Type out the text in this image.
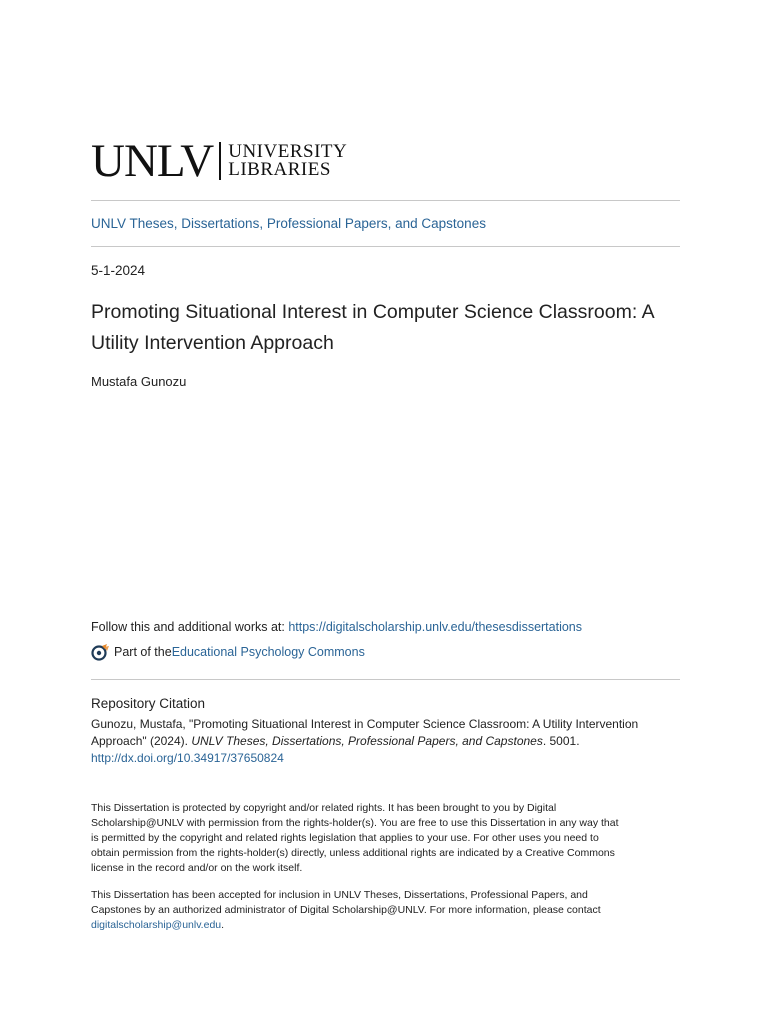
UNLV UNIVERSITY
LIBRARIES
UNLV Theses, Dissertations, Professional Papers, and Capstones
5-1-2024
Promoting Situational Interest in Computer Science Classroom: A
Utility Intervention Approach
Mustafa Gunozu
Follow this and additional works at: https://digitalscholarship.unlv.edu/thesesdissertations
Part of the Educational Psychology Commons
Repository Citation
Gunozu, Mustafa, "Promoting Situational Interest in Computer Science Classroom: A Utility Intervention
Approach" (2024). UNLV Theses, Dissertations, Professional Papers, and Capstones. 5001.
http://dx.doi.org/10.34917/37650824
This Dissertation is protected by copyright and/or related rights. It has been brought to you by Digital
Scholarship@UNLV with permission from the rights-holder(s). You are free to use this Dissertation in any way that
is permitted by the copyright and related rights legislation that applies to your use. For other uses you need to
obtain permission from the rights-holder(s) directly, unless additional rights are indicated by a Creative Commons
license in the record and/or on the work itself.
This Dissertation has been accepted for inclusion in UNLV Theses, Dissertations, Professional Papers, and
Capstones by an authorized administrator of Digital Scholarship@UNLV. For more information, please contact
digitalscholarship@unlv.edu.
